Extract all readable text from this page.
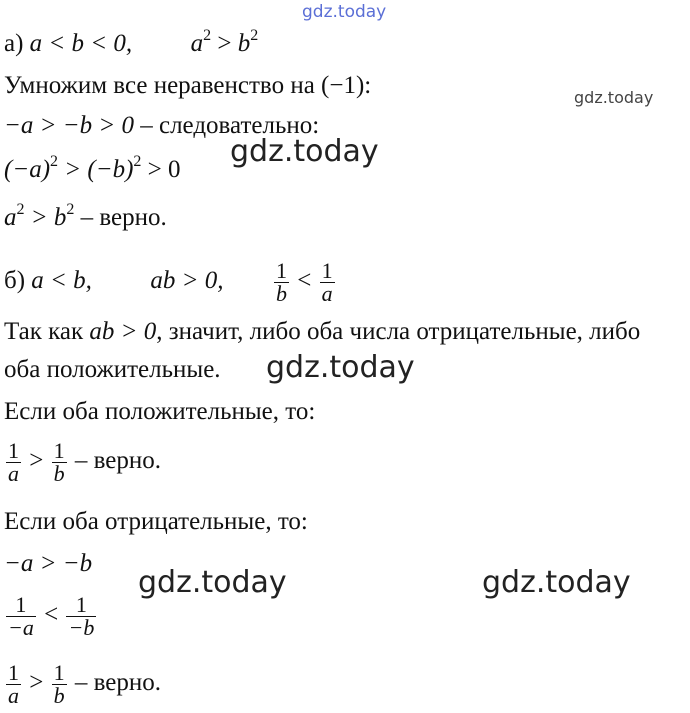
gdz.today
gdz.today
gdz.today
gdz.today
gdz.today	gdz.today
а) a < b < 0, $a^2 > b^2$
Умножим все неравенство на (−1):
−a > −b > 0 – следовательно:
$(-a)^2 > (-b)^2 > 0$
$a^2 > b^2$ – верно.
б) a < b, ab > 0, $\frac{1}{b} < \frac{1}{a}$
Так как ab > 0, значит, либо оба числа отрицательные, либо
оба положительные.
Если оба положительные, то:
$\frac{1}{a} > \frac{1}{b}$ – верно.
Если оба отрицательные, то:
−a > −b
$\frac{1}{-a} < \frac{1}{-b}$
$\frac{1}{a} > \frac{1}{b}$ – верно.
